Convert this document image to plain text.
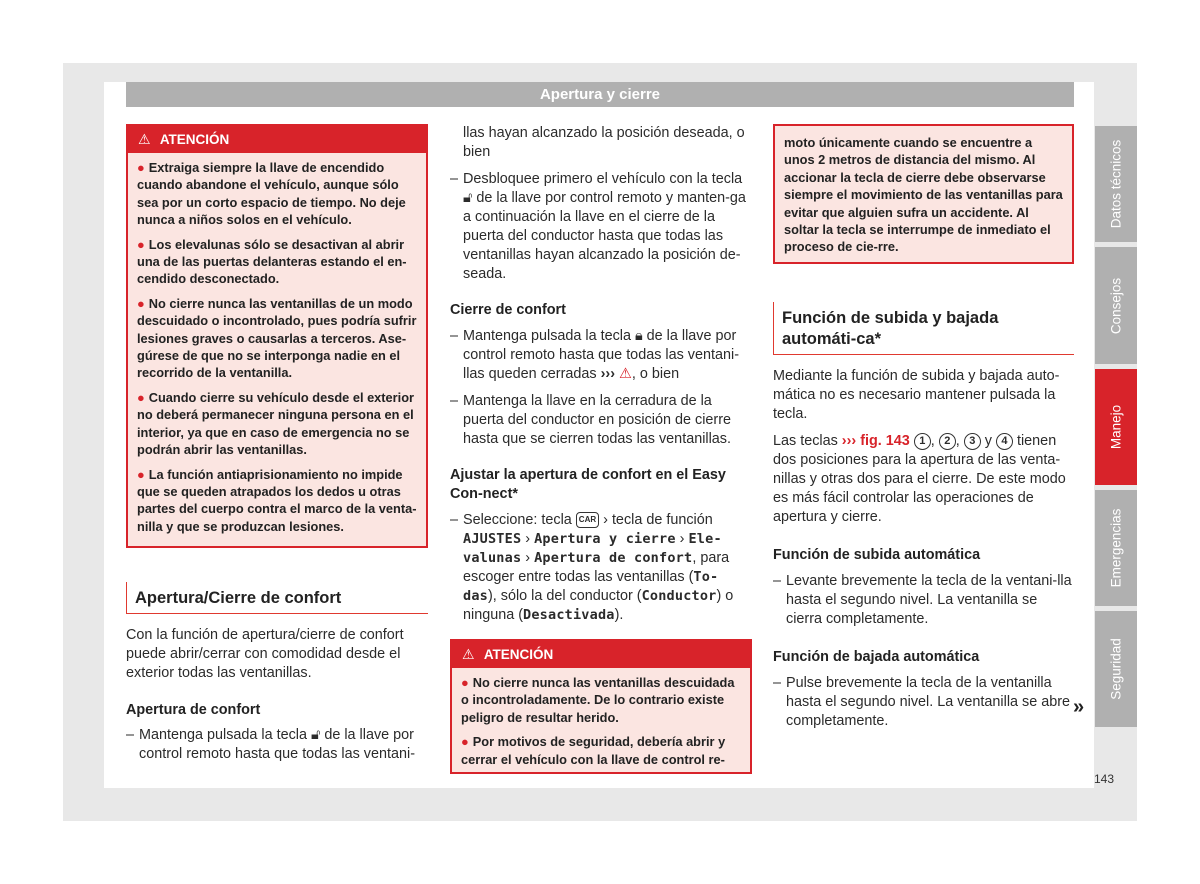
Apertura y cierre
⚠ ATENCIÓN

● Extraiga siempre la llave de encendido cuando abandone el vehículo, aunque sólo sea por un corto espacio de tiempo. No deje nunca a niños solos en el vehículo.

● Los elevalunas sólo se desactivan al abrir una de las puertas delanteras estando el en-cendido desconectado.

● No cierre nunca las ventanillas de un modo descuidado o incontrolado, pues podría sufrir lesiones graves o causarlas a terceros. Ase-gúrese de que no se interponga nadie en el recorrido de la ventanilla.

● Cuando cierre su vehículo desde el exterior no deberá permanecer ninguna persona en el interior, ya que en caso de emergencia no se podrán abrir las ventanillas.

● La función antiaprisionamiento no impide que se queden atrapados los dedos u otras partes del cuerpo contra el marco de la venta-nilla y que se produzcan lesiones.

Apertura/Cierre de confort

Con la función de apertura/cierre de confort puede abrir/cerrar con comodidad desde el exterior todas las ventanillas.

Apertura de confort

– Mantenga pulsada la tecla 🔓︎ de la llave por control remoto hasta que todas las ventani-
llas hayan alcanzado la posición deseada, o bien
– Desbloquee primero el vehículo con la tecla 🔓︎ de la llave por control remoto y manten-ga a continuación la llave en el cierre de la puerta del conductor hasta que todas las ventanillas hayan alcanzado la posición de-seada.

Cierre de confort

– Mantenga pulsada la tecla 🔒︎ de la llave por control remoto hasta que todas las ventani-llas queden cerradas ››› ⚠, o bien
– Mantenga la llave en la cerradura de la puerta del conductor en posición de cierre hasta que se cierren todas las ventanillas.

Ajustar la apertura de confort en el Easy Con-nect*

– Seleccione: tecla CAR › tecla de función AJUSTES › Apertura y cierre › Ele-valunas › Apertura de confort, para escoger entre todas las ventanillas (To-das), sólo la del conductor (Conductor) o ninguna (Desactivada).
⚠ ATENCIÓN

● No cierre nunca las ventanillas descuidada o incontroladamente. De lo contrario existe peligro de resultar herido.

● Por motivos de seguridad, debería abrir y cerrar el vehículo con la llave de control re-

moto únicamente cuando se encuentre a unos 2 metros de distancia del mismo. Al accionar la tecla de cierre debe observarse siempre el movimiento de las ventanillas para evitar que alguien sufra un accidente. Al soltar la tecla se interrumpe de inmediato el proceso de cie-rre.

Función de subida y bajada automáti-ca*

Mediante la función de subida y bajada auto-mática no es necesario mantener pulsada la tecla.

Las teclas ››› fig. 143 1 , 2 , 3 y 4 tienen dos posiciones para la apertura de las venta-nillas y otras dos para el cierre. De este modo es más fácil controlar las operaciones de apertura y cierre.

Función de subida automática

– Levante brevemente la tecla de la ventani-lla hasta el segundo nivel. La ventanilla se cierra completamente.

Función de bajada automática

– Pulse brevemente la tecla de la ventanilla hasta el segundo nivel. La ventanilla se abre completamente.
»
Datos técnicos
Consejos
Manejo
Emergencias
Seguridad
143
